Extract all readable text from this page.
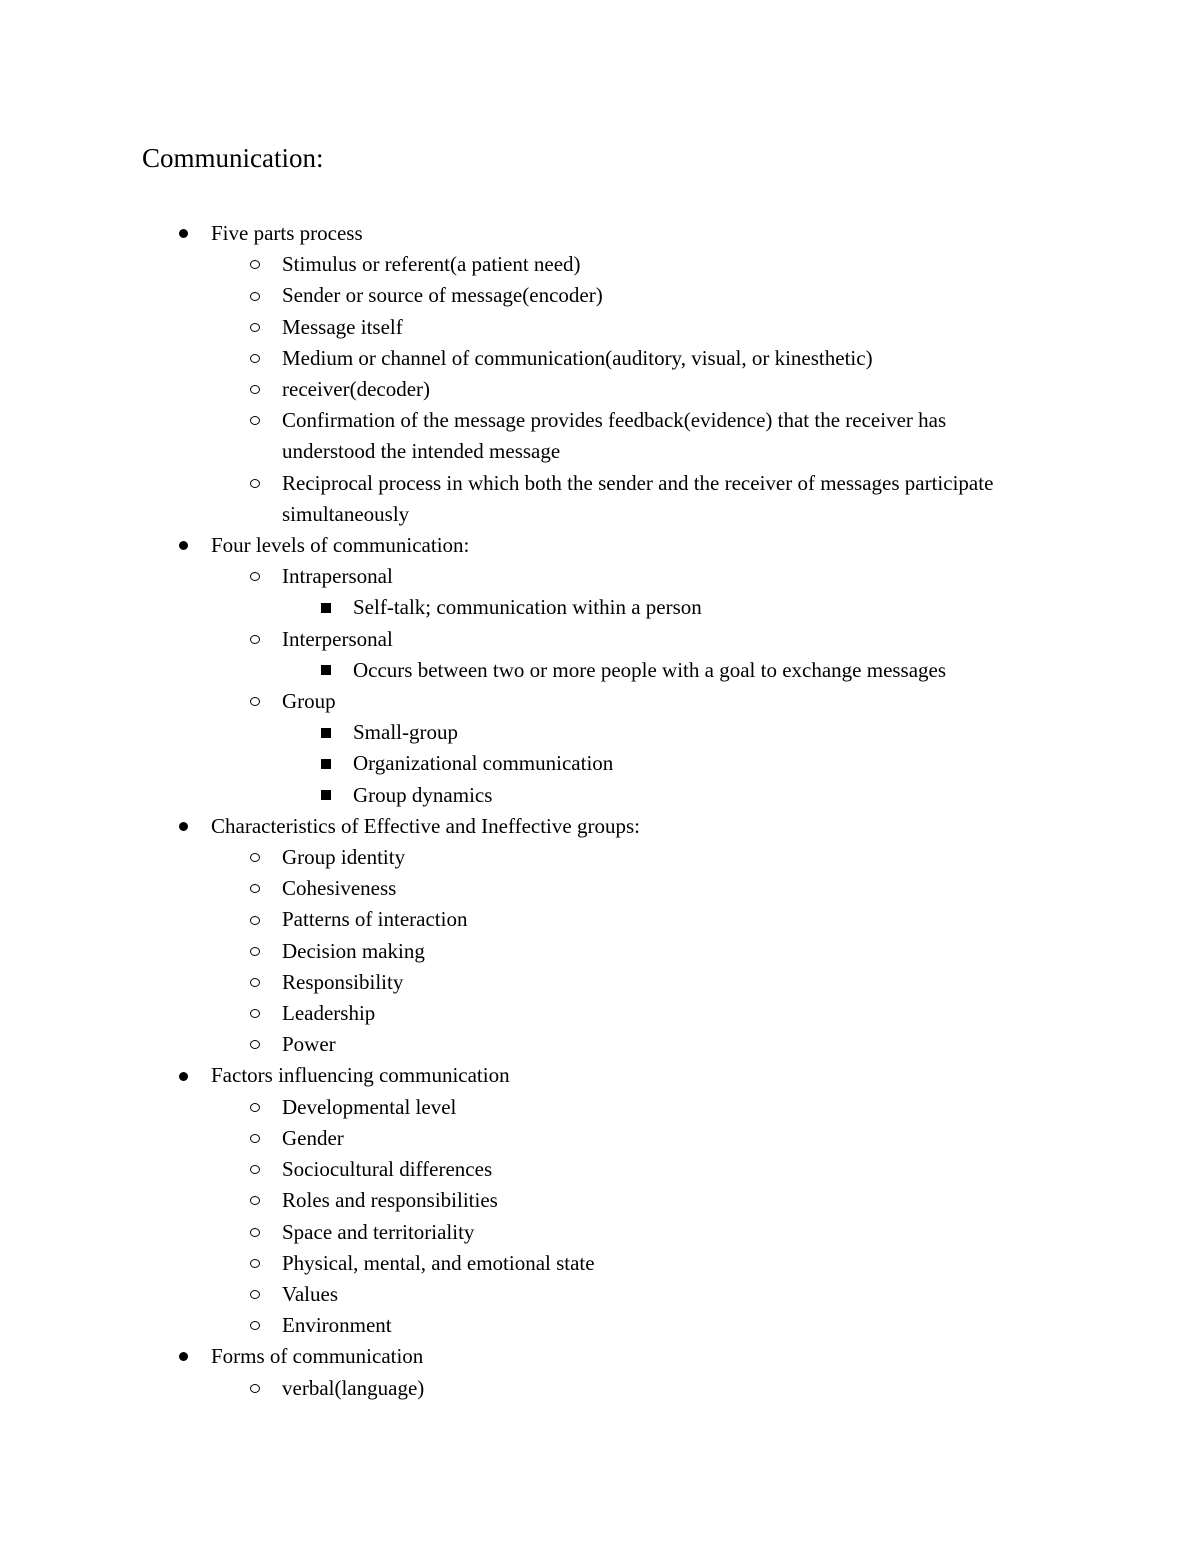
Communication:
Five parts process
Stimulus or referent(a patient need)
Sender or source of message(encoder)
Message itself
Medium or channel of communication(auditory, visual, or kinesthetic)
receiver(decoder)
Confirmation of the message provides feedback(evidence) that the receiver has understood the intended message
Reciprocal process in which both the sender and the receiver of messages participate simultaneously
Four levels of communication:
Intrapersonal
Self-talk; communication within a person
Interpersonal
Occurs between two or more people with a goal to exchange messages
Group
Small-group
Organizational communication
Group dynamics
Characteristics of Effective and Ineffective groups:
Group identity
Cohesiveness
Patterns of interaction
Decision making
Responsibility
Leadership
Power
Factors influencing communication
Developmental level
Gender
Sociocultural differences
Roles and responsibilities
Space and territoriality
Physical, mental, and emotional state
Values
Environment
Forms of communication
verbal(language)
